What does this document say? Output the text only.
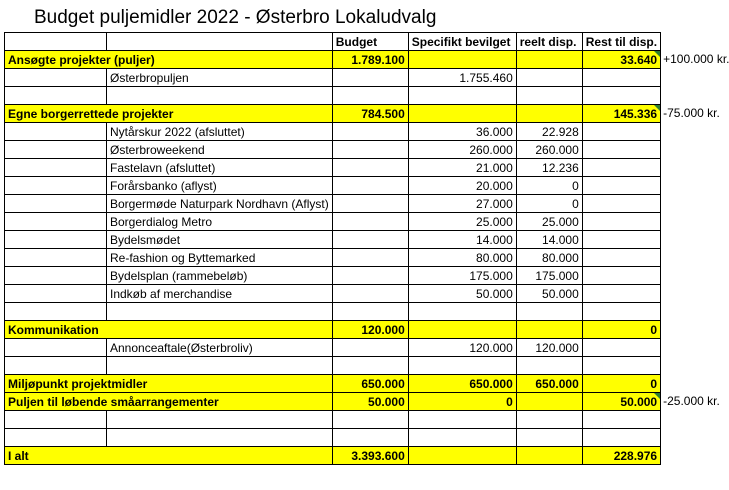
Budget puljemidler 2022 - Østerbro Lokaludvalg
		Budget	Specifikt bevilget	reelt disp.	Rest til disp.
Ansøgte projekter (puljer)		1.789.100			33.640
	Østerbropuljen		1.755.460		

Egne borgerrettede projekter		784.500			145.336
	Nytårskur 2022 (afsluttet)		36.000	22.928	
	Østerbroweekend		260.000	260.000	
	Fastelavn (afsluttet)		21.000	12.236	
	Forårsbanko (aflyst)		20.000	0	
	Borgermøde Naturpark Nordhavn (Aflyst)		27.000	0	
	Borgerdialog Metro		25.000	25.000	
	Bydelsmødet		14.000	14.000	
	Re-fashion og Byttemarked		80.000	80.000	
	Bydelsplan (rammebeløb)		175.000	175.000	
	Indkøb af merchandise		50.000	50.000	

Kommunikation		120.000			0
	Annonceaftale(Østerbroliv)		120.000	120.000	

Miljøpunkt projektmidler		650.000	650.000	650.000	0
Puljen til løbende småarrangementer		50.000	0		50.000

I alt		3.393.600			228.976
+100.000 kr.
-75.000 kr.
-25.000 kr.
